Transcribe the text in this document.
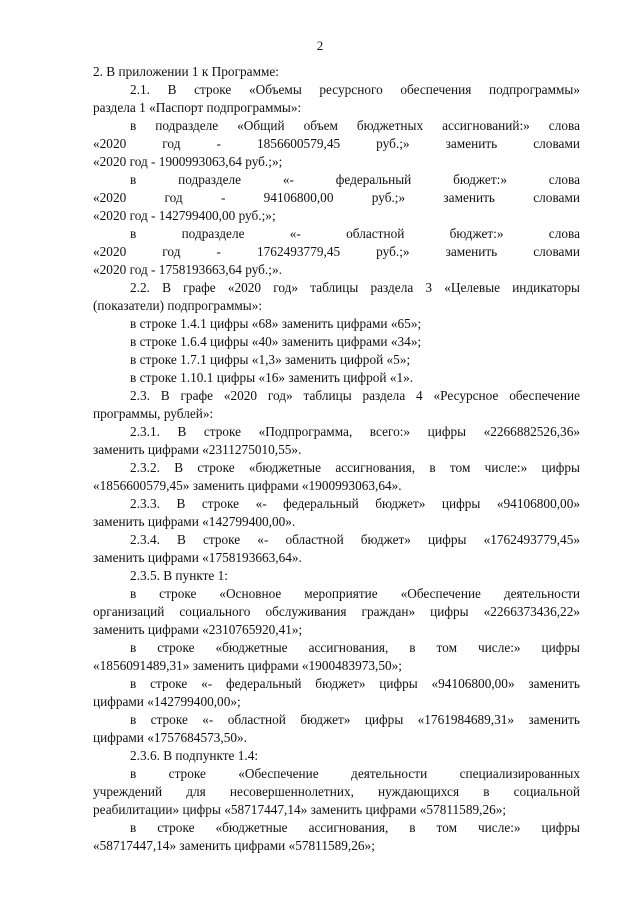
2
2. В приложении 1 к Программе:
2.1. В строке «Объемы ресурсного обеспечения подпрограммы»
раздела 1 «Паспорт подпрограммы»:
в подразделе «Общий объем бюджетных ассигнований:» слова
«2020 год - 1856600579,45 руб.;» заменить словами
«2020 год - 1900993063,64 руб.;»;
в подразделе «- федеральный бюджет:» слова
«2020 год - 94106800,00 руб.;» заменить словами
«2020 год - 142799400,00 руб.;»;
в подразделе «- областной бюджет:» слова
«2020 год - 1762493779,45 руб.;» заменить словами
«2020 год - 1758193663,64 руб.;».
2.2. В графе «2020 год» таблицы раздела 3 «Целевые индикаторы
(показатели) подпрограммы»:
в строке 1.4.1 цифры «68» заменить цифрами «65»;
в строке 1.6.4 цифры «40» заменить цифрами «34»;
в строке 1.7.1 цифры «1,3» заменить цифрой «5»;
в строке 1.10.1 цифры «16» заменить цифрой «1».
2.3. В графе «2020 год» таблицы раздела 4 «Ресурсное обеспечение
программы, рублей»:
2.3.1. В строке «Подпрограмма, всего:» цифры «2266882526,36»
заменить цифрами «2311275010,55».
2.3.2. В строке «бюджетные ассигнования, в том числе:» цифры
«1856600579,45» заменить цифрами «1900993063,64».
2.3.3. В строке «- федеральный бюджет» цифры «94106800,00»
заменить цифрами «142799400,00».
2.3.4. В строке «- областной бюджет» цифры «1762493779,45»
заменить цифрами «1758193663,64».
2.3.5. В пункте 1:
в строке «Основное мероприятие «Обеспечение деятельности
организаций социального обслуживания граждан» цифры «2266373436,22»
заменить цифрами «2310765920,41»;
в строке «бюджетные ассигнования, в том числе:» цифры
«1856091489,31» заменить цифрами «1900483973,50»;
в строке «- федеральный бюджет» цифры «94106800,00» заменить
цифрами «142799400,00»;
в строке «- областной бюджет» цифры «1761984689,31» заменить
цифрами «1757684573,50».
2.3.6. В подпункте 1.4:
в строке «Обеспечение деятельности специализированных
учреждений для несовершеннолетних, нуждающихся в социальной
реабилитации» цифры «58717447,14» заменить цифрами «57811589,26»;
в строке «бюджетные ассигнования, в том числе:» цифры
«58717447,14» заменить цифрами «57811589,26»;
